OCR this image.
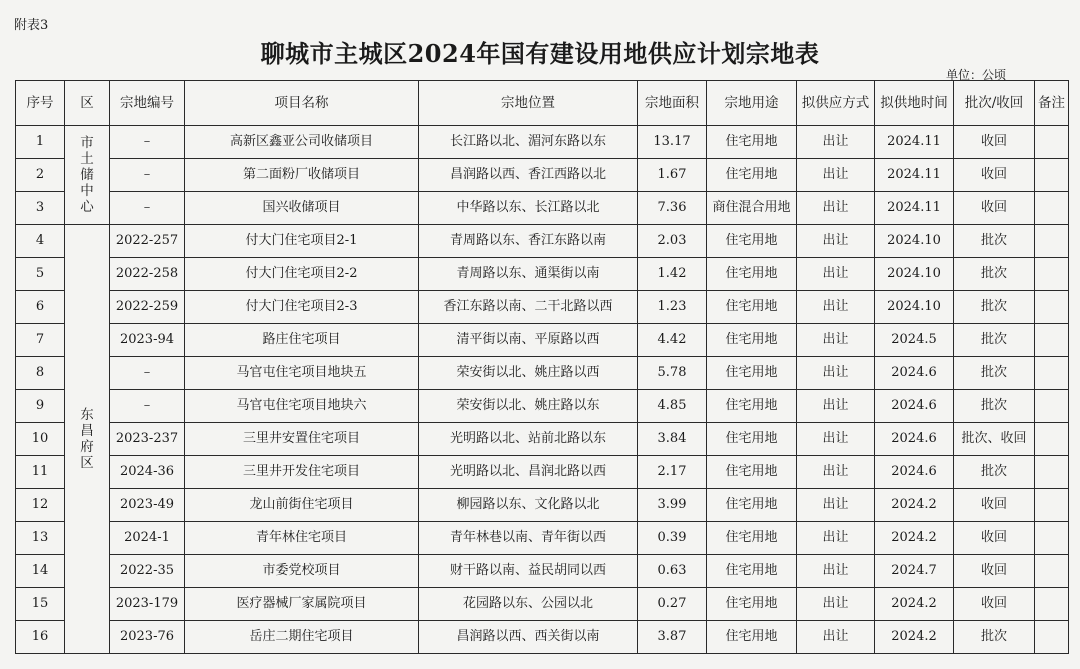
附表3
聊城市主城区2024年国有建设用地供应计划宗地表
单位：公顷
序号	区	宗地编号	项目名称	宗地位置	宗地面积	宗地用途	拟供应方式	拟供地时间	批次/收回	备注
1	市土储中心	–	高新区鑫亚公司收储项目	长江路以北、湄河东路以东	13.17	住宅用地	出让	2024.11	收回	
2		–	第二面粉厂收储项目	昌润路以西、香江西路以北	1.67	住宅用地	出让	2024.11	收回	
3		–	国兴收储项目	中华路以东、长江路以北	7.36	商住混合用地	出让	2024.11	收回	
4	东昌府区	2022-257	付大门住宅项目2-1	青周路以东、香江东路以南	2.03	住宅用地	出让	2024.10	批次	
5		2022-258	付大门住宅项目2-2	青周路以东、通渠街以南	1.42	住宅用地	出让	2024.10	批次	
6		2022-259	付大门住宅项目2-3	香江东路以南、二干北路以西	1.23	住宅用地	出让	2024.10	批次	
7		2023-94	路庄住宅项目	清平街以南、平原路以西	4.42	住宅用地	出让	2024.5	批次	
8		–	马官屯住宅项目地块五	荣安街以北、姚庄路以西	5.78	住宅用地	出让	2024.6	批次	
9		–	马官屯住宅项目地块六	荣安街以北、姚庄路以东	4.85	住宅用地	出让	2024.6	批次	
10		2023-237	三里井安置住宅项目	光明路以北、站前北路以东	3.84	住宅用地	出让	2024.6	批次、收回	
11		2024-36	三里井开发住宅项目	光明路以北、昌润北路以西	2.17	住宅用地	出让	2024.6	批次	
12		2023-49	龙山前街住宅项目	柳园路以东、文化路以北	3.99	住宅用地	出让	2024.2	收回	
13		2024-1	青年林住宅项目	青年林巷以南、青年街以西	0.39	住宅用地	出让	2024.2	收回	
14		2022-35	市委党校项目	财干路以南、益民胡同以西	0.63	住宅用地	出让	2024.7	收回	
15		2023-179	医疗器械厂家属院项目	花园路以东、公园以北	0.27	住宅用地	出让	2024.2	收回	
16		2023-76	岳庄二期住宅项目	昌润路以西、西关街以南	3.87	住宅用地	出让	2024.2	批次	
